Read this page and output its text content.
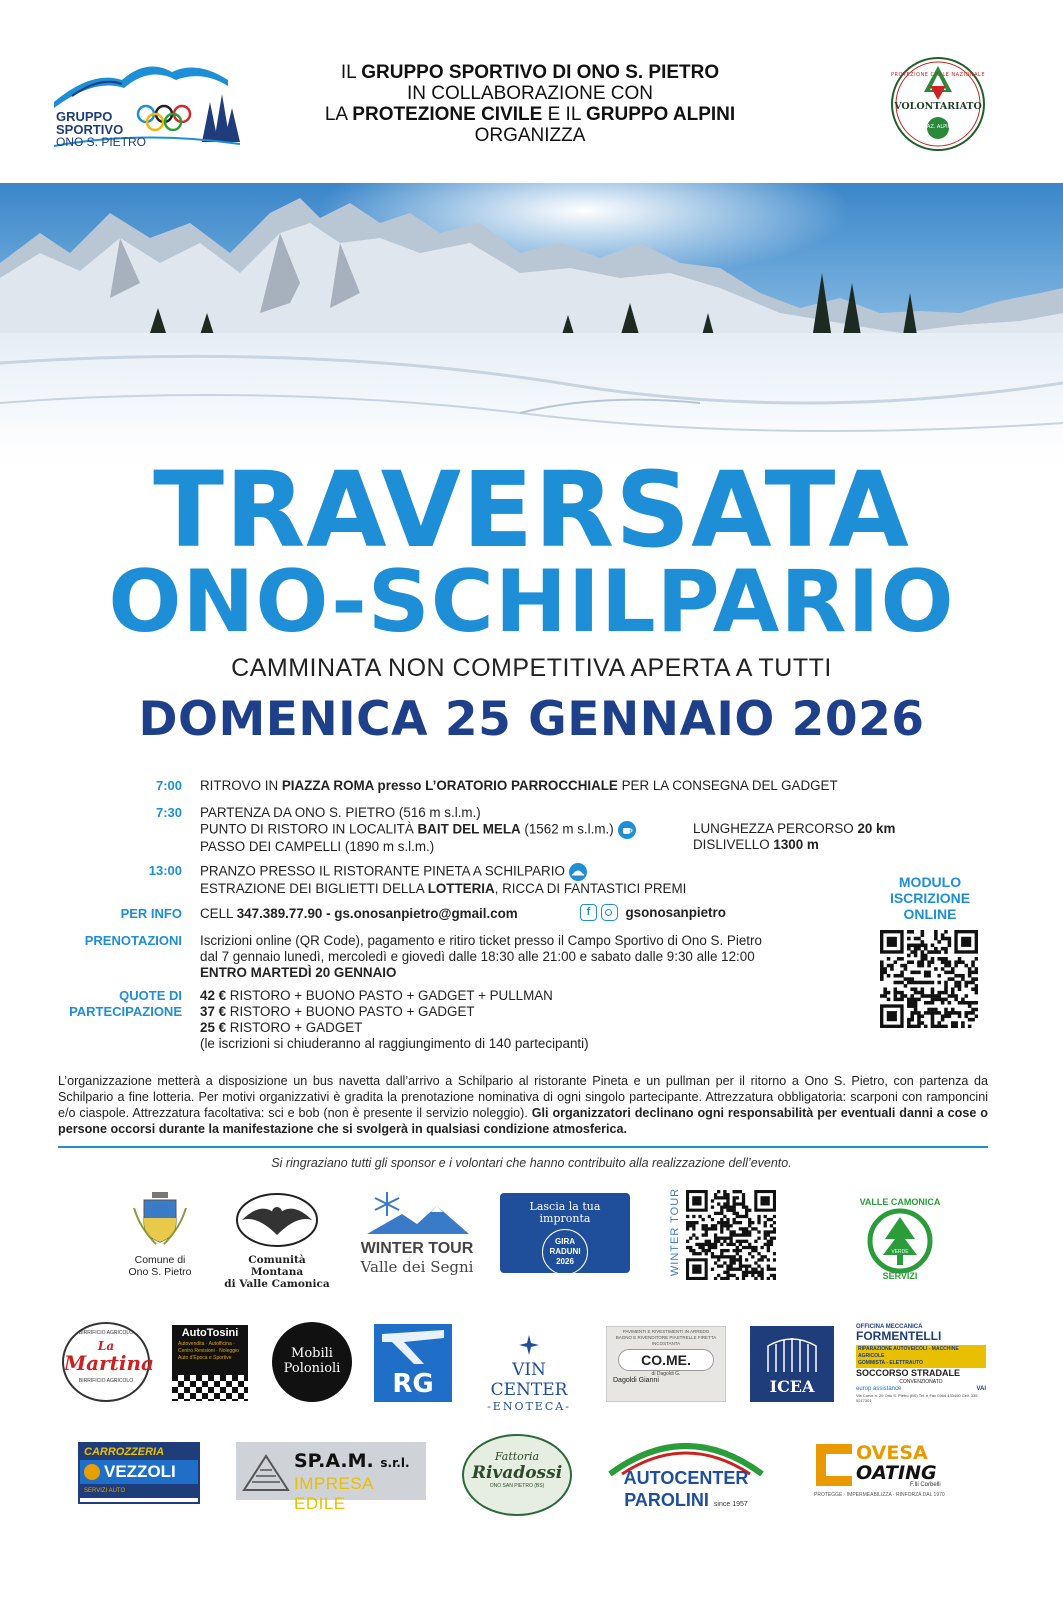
GRUPPO
SPORTIVO
ONO S. PIETRO
IL GRUPPO SPORTIVO DI ONO S. PIETRO
IN COLLABORAZIONE CON
LA PROTEZIONE CIVILE E IL GRUPPO ALPINI
ORGANIZZA
PROTEZIONE CIVILE NAZIONALE
VOLONTARIATO
NAZ. ALPINI
TRAVERSATA
ONO-SCHILPARIO
CAMMINATA NON COMPETITIVA APERTA A TUTTI
DOMENICA 25 GENNAIO 2026
7:00 RITROVO IN PIAZZA ROMA presso L’ORATORIO PARROCCHIALE PER LA CONSEGNA DEL GADGET
7:30 PARTENZA DA ONO S. PIETRO (516 m s.l.m.)
PUNTO DI RISTORO IN LOCALITÀ BAIT DEL MELA (1562 m s.l.m.)
PASSO DEI CAMPELLI (1890 m s.l.m.)
LUNGHEZZA PERCORSO 20 km
DISLIVELLO 1300 m
13:00 PRANZO PRESSO IL RISTORANTE PINETA A SCHILPARIO
ESTRAZIONE DEI BIGLIETTI DELLA LOTTERIA, RICCA DI FANTASTICI PREMI
PER INFO CELL 347.389.77.90 - gs.onosanpietro@gmail.com	f	gsonosanpietro
PRENOTAZIONI Iscrizioni online (QR Code), pagamento e ritiro ticket presso il Campo Sportivo di Ono S. Pietro
dal 7 gennaio lunedì, mercoledì e giovedì dalle 18:30 alle 21:00 e sabato dalle 9:30 alle 12:00
ENTRO MARTEDÌ 20 GENNAIO
QUOTE DI
PARTECIPAZIONE
42 € RISTORO + BUONO PASTO + GADGET + PULLMAN
37 € RISTORO + BUONO PASTO + GADGET
25 € RISTORO + GADGET
(le iscrizioni si chiuderanno al raggiungimento di 140 partecipanti)
MODULO
ISCRIZIONE
ONLINE
L’organizzazione metterà a disposizione un bus navetta dall’arrivo a Schilpario al ristorante Pineta e un pullman per il ritorno a Ono S. Pietro, con partenza da Schilpario a fine lotteria. Per motivi organizzativi è gradita la prenotazione nominativa di ogni singolo partecipante. Attrezzatura obbligatoria: scarponi con ramponcini e/o ciaspole. Attrezzatura facoltativa: sci e bob (non è presente il servizio noleggio). Gli organizzatori declinano ogni responsabilità per eventuali danni a cose o persone occorsi durante la manifestazione che si svolgerà in qualsiasi condizione atmosferica.
Si ringraziano tutti gli sponsor e i volontari che hanno contribuito alla realizzazione dell’evento.
Comune di
Ono S. Pietro
Comunità Montana
di Valle Camonica
WINTER TOUR
Valle dei Segni
Lascia la tua
impronta
GIRA
RADUNI
2026	WINTER TOUR	VALLE CAMONICA
VERDE
SERVIZI
BIRRIFICIO AGRICOLO
La
Martina
BIRRIFICIO AGRICOLO
AutoTosini
Autovendita · Autofficina · Centro Revisioni · Noleggio Auto d'Epoca e Sportive	Mobili
Polonioli
RG	VIN CENTER
-ENOTECA-
PAVIMENTI E RIVESTIMENTI IN ARREDO BAGNO E RIVENDITORE PIASTRELLE FIRETTA INCOSTANTA
CO.ME.
di Dagoldi G.
Dagoldi Gianni	ICEA
OFFICINA MECCANICA
FORMENTELLI
RIPARAZIONE AUTOVEICOLI - MACCHINE AGRICOLE
GOMMISTA - ELETTRAUTO
SOCCORSO STRADALE
CONVENZIONATO
europ assistance	VAI
Via Corve n. 29 Ono S. Pietro (BS) Tel. e Fax 0364 433400 Cell. 335 5217301
CARROZZERIA
VEZZOLI
SERVIZI AUTO
SP.A.M. s.r.l.
IMPRESA EDILE
Fattoria
Rivadossi
ONO SAN PIETRO (BS)	AUTOCENTER
PAROLINI since 1957
OVESA
OATING
F.lli Corbelli
PROTEGGE · IMPERMEABILIZZA · RINFORZA DAL 1970
